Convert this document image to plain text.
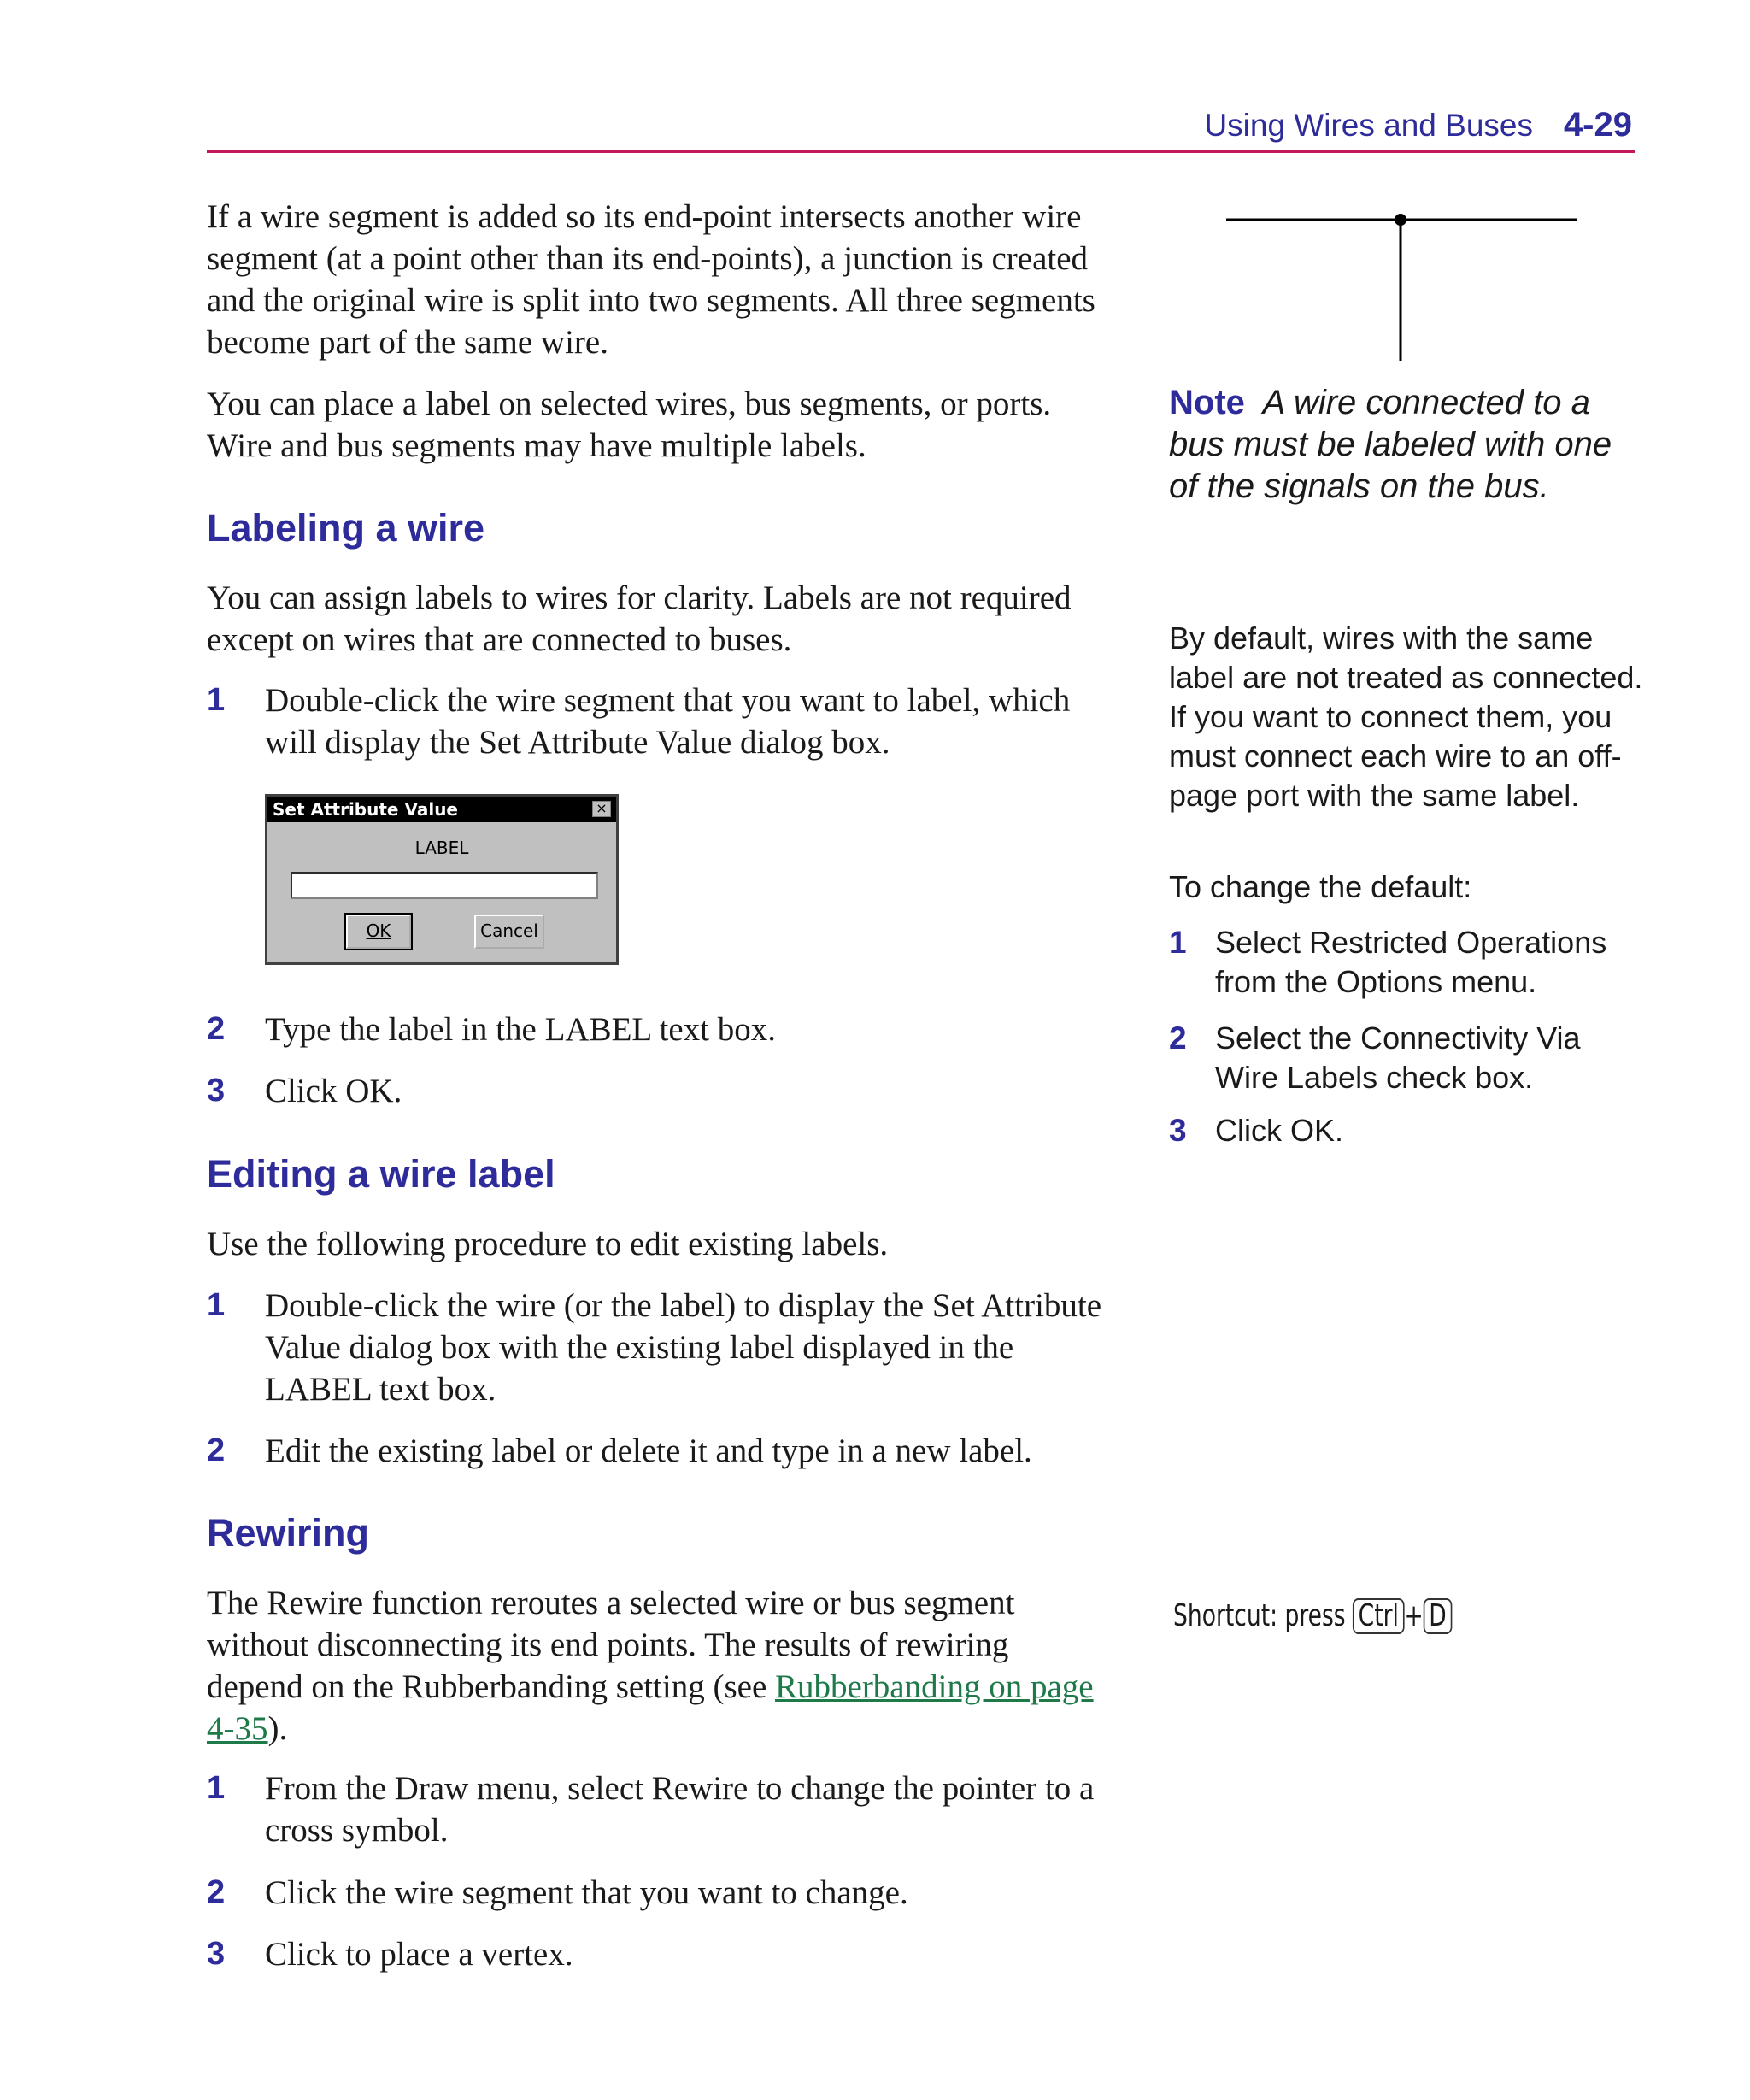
Using Wires and Buses 4-29

If a wire segment is added so its end-point intersects another wire segment (at a point other than its end-points), a junction is created and the original wire is split into two segments. All three segments become part of the same wire.

You can place a label on selected wires, bus segments, or ports. Wire and bus segments may have multiple labels.

Note A wire connected to a bus must be labeled with one of the signals on the bus.
Labeling a wire

You can assign labels to wires for clarity. Labels are not required except on wires that are connected to buses.

1 Double-click the wire segment that you want to label, which will display the Set Attribute Value dialog box.
Set Attribute Value	×
LABEL
OK	Cancel
2 Type the label in the LABEL text box.
3 Click OK.
Editing a wire label

Use the following procedure to edit existing labels.

1 Double-click the wire (or the label) to display the Set Attribute Value dialog box with the existing label displayed in the LABEL text box.
2 Edit the existing label or delete it and type in a new label.
Rewiring

The Rewire function reroutes a selected wire or bus segment without disconnecting its end points. The results of rewiring depend on the Rubberbanding setting (see Rubberbanding on page 4-35).

1 From the Draw menu, select Rewire to change the pointer to a cross symbol.
2 Click the wire segment that you want to change.
3 Click to place a vertex.

By default, wires with the same label are not treated as connected. If you want to connect them, you must connect each wire to an off-page port with the same label.

To change the default:

1 Select Restricted Operations from the Options menu.
2 Select the Connectivity Via Wire Labels check box.
3 Click OK.
Shortcut: press Ctrl + D
